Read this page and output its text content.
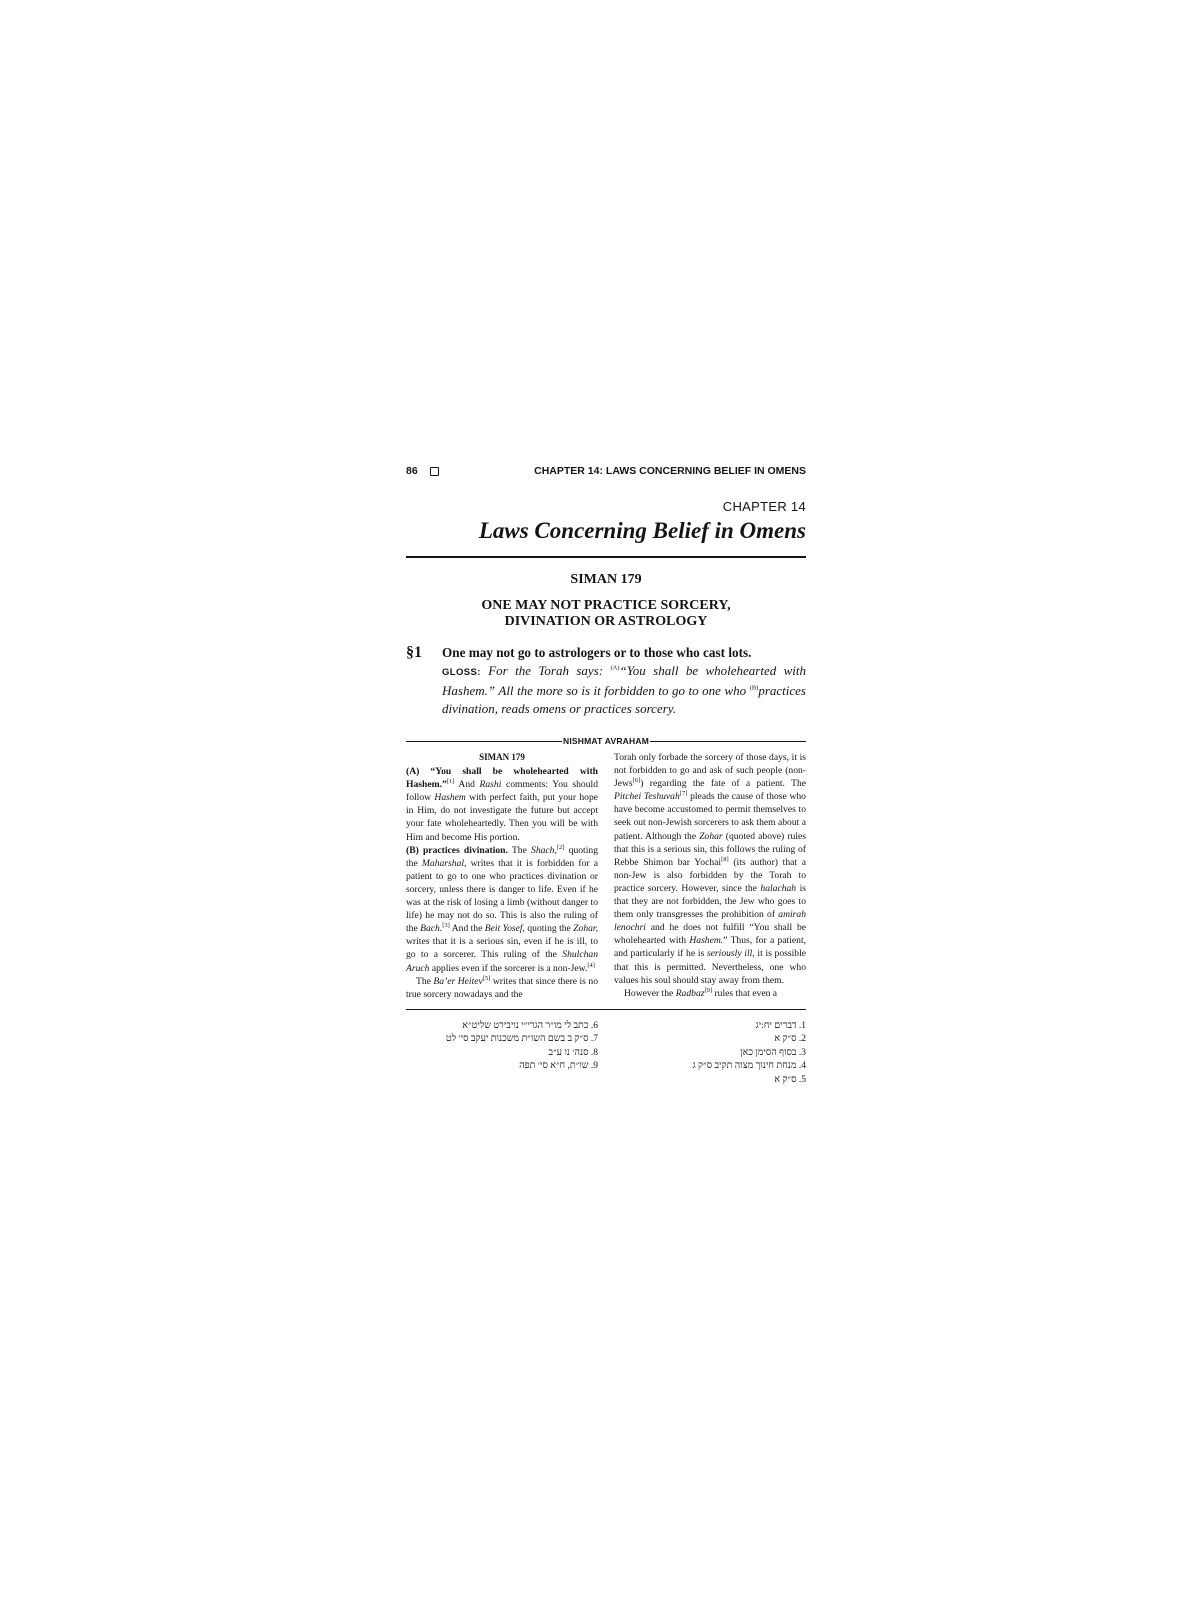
86	CHAPTER 14: LAWS CONCERNING BELIEF IN OMENS
CHAPTER 14
Laws Concerning Belief in Omens
SIMAN 179
ONE MAY NOT PRACTICE SORCERY, DIVINATION OR ASTROLOGY
§1	One may not go to astrologers or to those who cast lots.
GLOSS: For the Torah says: $^{(A)}$“You shall be wholehearted with Hashem.” All the more so is it forbidden to go to one who $^{(B)}$practices divination, reads omens or practices sorcery.
NISHMAT AVRAHAM
SIMAN 179

(A) “You shall be wholehearted with Hashem.”[1] And Rashi comments: You should follow Hashem with perfect faith, put your hope in Him, do not investigate the future but accept your fate wholeheartedly. Then you will be with Him and become His portion.

(B) practices divination. The Shach,[2] quoting the Maharshal, writes that it is forbidden for a patient to go to one who practices divination or sorcery, unless there is danger to life. Even if he was at the risk of losing a limb (without danger to life) he may not do so. This is also the ruling of the Bach.[3] And the Beit Yosef, quoting the Zohar, writes that it is a serious sin, even if he is ill, to go to a sorcerer. This ruling of the Shulchan Aruch applies even if the sorcerer is a non-Jew.[4]

The Ba’er Heitev[5] writes that since there is no true sorcery nowadays and the

Torah only forbade the sorcery of those days, it is not forbidden to go and ask of such people (non-Jews[6]) regarding the fate of a patient. The Pitchei Teshuvah[7] pleads the cause of those who have become accustomed to permit themselves to seek out non-Jewish sorcerers to ask them about a patient. Although the Zohar (quoted above) rules that this is a serious sin, this follows the ruling of Rebbe Shimon bar Yochai[8] (its author) that a non-Jew is also forbidden by the Torah to practice sorcery. However, since the halachah is that they are not forbidden, the Jew who goes to them only transgresses the prohibition of amirah lenochri and he does not fulfill “You shall be wholehearted with Hashem.” Thus, for a patient, and particularly if he is seriously ill, it is possible that this is permitted. Nevertheless, one who values his soul should stay away from them.

However the Radbaz[9] rules that even a

6. כתב לי מו״ר הגרי״י נויבירט שליט״א
7. ס״ק ב בשם השו״ת משכנות יעקב סי׳ לט
8. סנה׳ נו ע״ב
9. שו״ת, ח״א סי׳ תפה
1. דברים יח:יג
2. ס״ק א
3. בסוף הסימן כאן
4. מנחת חינוך מצוה תקיב ס״ק ג
5. ס״ק א
